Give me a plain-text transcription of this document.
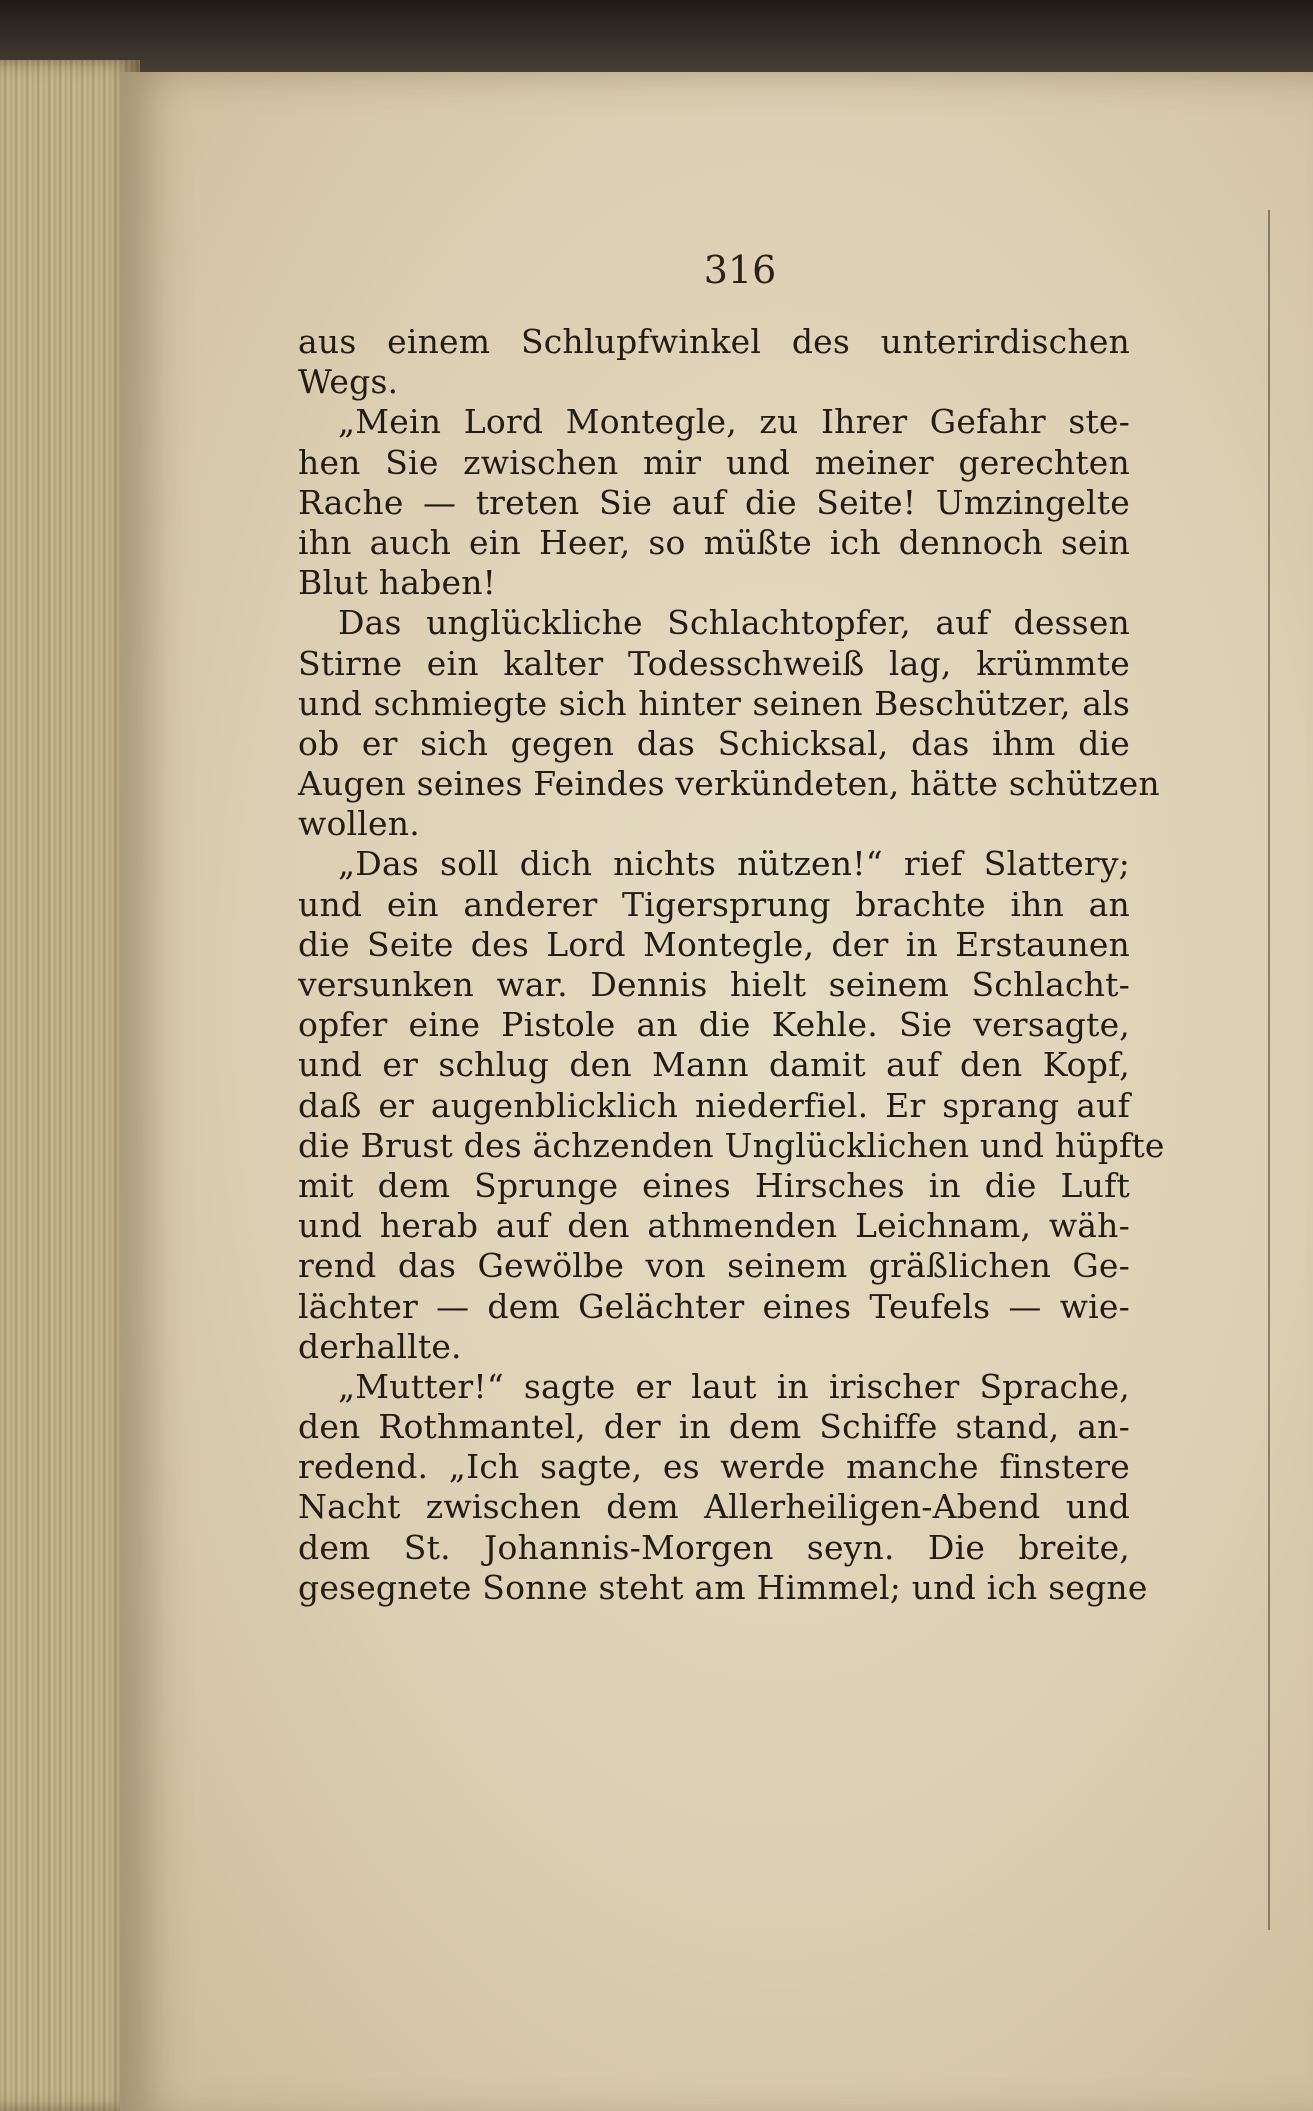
316
aus einem Schlupfwinkel des unterirdischen
Wegs.
„Mein Lord Montegle, zu Ihrer Gefahr ste-
hen Sie zwischen mir und meiner gerechten
Rache — treten Sie auf die Seite! Umzingelte
ihn auch ein Heer, so müßte ich dennoch sein
Blut haben!
Das unglückliche Schlachtopfer, auf dessen
Stirne ein kalter Todesschweiß lag, krümmte
und schmiegte sich hinter seinen Beschützer, als
ob er sich gegen das Schicksal, das ihm die
Augen seines Feindes verkündeten, hätte schützen
wollen.
„Das soll dich nichts nützen!“ rief Slattery;
und ein anderer Tigersprung brachte ihn an
die Seite des Lord Montegle, der in Erstaunen
versunken war. Dennis hielt seinem Schlacht-
opfer eine Pistole an die Kehle. Sie versagte,
und er schlug den Mann damit auf den Kopf,
daß er augenblicklich niederfiel. Er sprang auf
die Brust des ächzenden Unglücklichen und hüpfte
mit dem Sprunge eines Hirsches in die Luft
und herab auf den athmenden Leichnam, wäh-
rend das Gewölbe von seinem gräßlichen Ge-
lächter — dem Gelächter eines Teufels — wie-
derhallte.
„Mutter!“ sagte er laut in irischer Sprache,
den Rothmantel, der in dem Schiffe stand, an-
redend. „Ich sagte, es werde manche finstere
Nacht zwischen dem Allerheiligen-Abend und
dem St. Johannis-Morgen seyn. Die breite,
gesegnete Sonne steht am Himmel; und ich segne
